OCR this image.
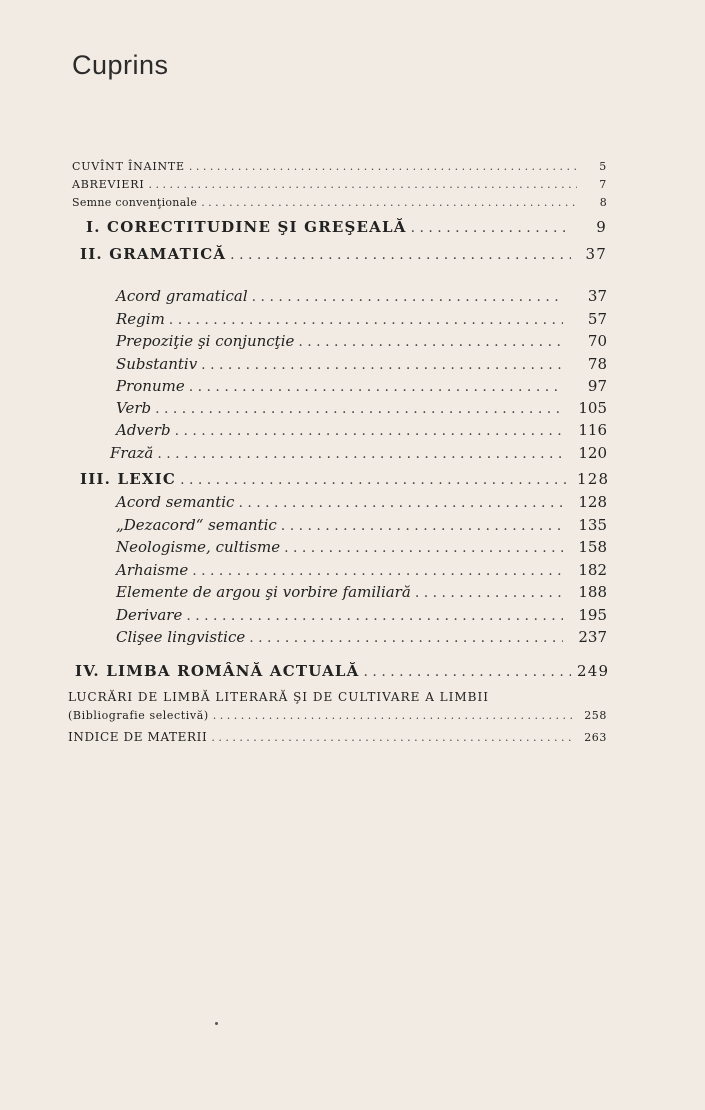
Cuprins
CUVÎNT ÎNAINTE . . .	5
ABREVIERI . . .	7
Semne convenţionale . . .	8
I. CORECTITUDINE ŞI GREŞEALĂ . . .	9
II. GRAMATICĂ . . .	37
Acord gramatical . . .	37
Regim . . .	57
Prepoziţie şi conjuncţie . . .	70
Substantiv . . .	78
Pronume . . .	97
Verb . . .	105
Adverb . . .	116
Frază . . .	120
III. LEXIC . . .	128
Acord semantic . . .	128
„Dezacord“ semantic . . .	135
Neologisme, cultisme . . .	158
Arhaisme . . .	182
Elemente de argou şi vorbire familiară . . .	188
Derivare . . .	195
Clişee lingvistice . . .	237
IV. LIMBA ROMÂNĂ ACTUALĂ . . .	249
LUCRĂRI DE LIMBĂ LITERARĂ ŞI DE CULTIVARE A LIMBII
(Bibliografie selectivă) . . .	258
INDICE DE MATERII . . .	263
